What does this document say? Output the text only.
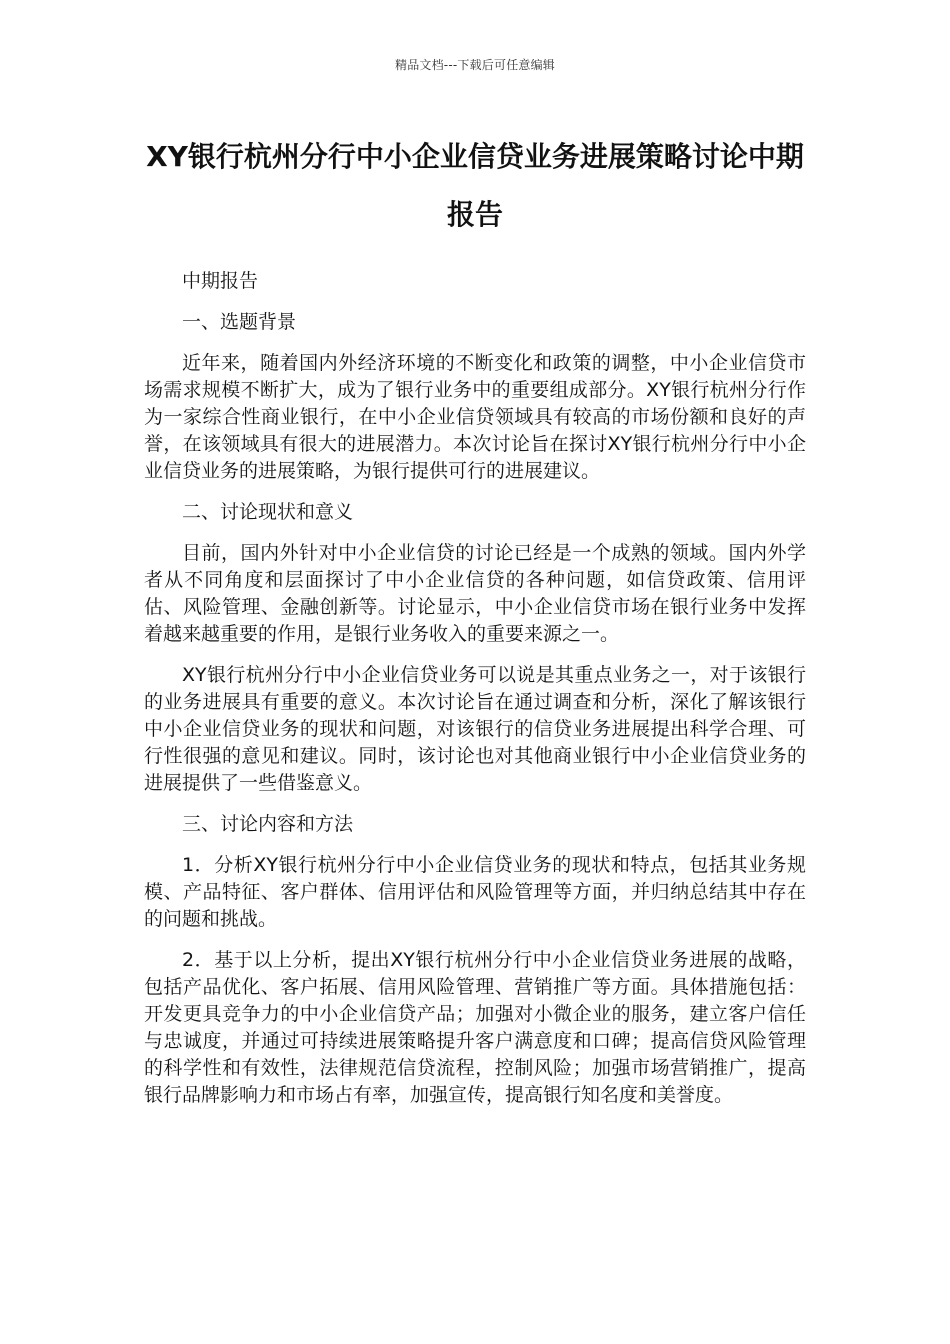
精品文档---下载后可任意编辑
XY银行杭州分行中小企业信贷业务进展策略讨论中期报告

中期报告

一、选题背景

近年来，随着国内外经济环境的不断变化和政策的调整，中小企业信贷市场需求规模不断扩大，成为了银行业务中的重要组成部分。XY银行杭州分行作为一家综合性商业银行，在中小企业信贷领域具有较高的市场份额和良好的声誉，在该领域具有很大的进展潜力。本次讨论旨在探讨XY银行杭州分行中小企业信贷业务的进展策略，为银行提供可行的进展建议。

二、讨论现状和意义

目前，国内外针对中小企业信贷的讨论已经是一个成熟的领域。国内外学者从不同角度和层面探讨了中小企业信贷的各种问题，如信贷政策、信用评估、风险管理、金融创新等。讨论显示，中小企业信贷市场在银行业务中发挥着越来越重要的作用，是银行业务收入的重要来源之一。

XY银行杭州分行中小企业信贷业务可以说是其重点业务之一，对于该银行的业务进展具有重要的意义。本次讨论旨在通过调查和分析，深化了解该银行中小企业信贷业务的现状和问题，对该银行的信贷业务进展提出科学合理、可行性很强的意见和建议。同时，该讨论也对其他商业银行中小企业信贷业务的进展提供了一些借鉴意义。

三、讨论内容和方法

1．分析XY银行杭州分行中小企业信贷业务的现状和特点，包括其业务规模、产品特征、客户群体、信用评估和风险管理等方面，并归纳总结其中存在的问题和挑战。

2．基于以上分析，提出XY银行杭州分行中小企业信贷业务进展的战略，包括产品优化、客户拓展、信用风险管理、营销推广等方面。具体措施包括：开发更具竞争力的中小企业信贷产品；加强对小微企业的服务，建立客户信任与忠诚度，并通过可持续进展策略提升客户满意度和口碑；提高信贷风险管理的科学性和有效性，法律规范信贷流程，控制风险；加强市场营销推广，提高银行品牌影响力和市场占有率，加强宣传，提高银行知名度和美誉度。
